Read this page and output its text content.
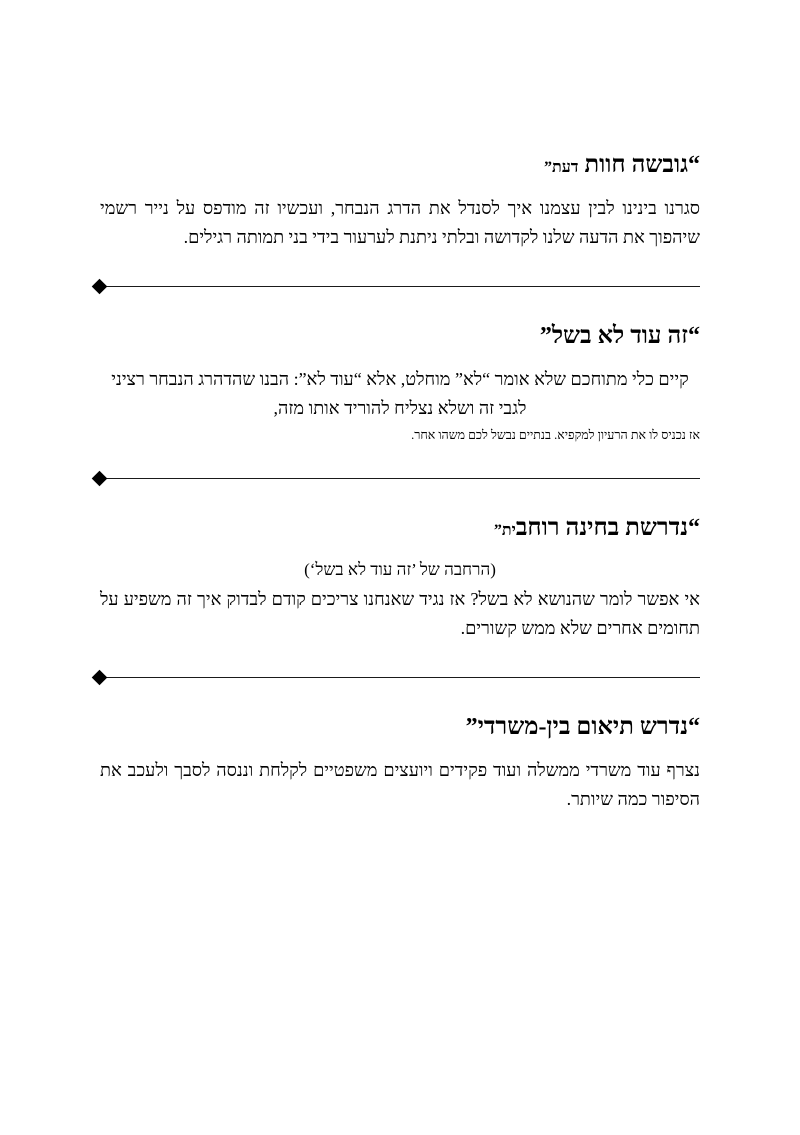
“גובשה חוות דעת”

סגרנו בינינו לבין עצמנו איך לסנדל את הדרג הנבחר, ועכשיו זה מודפס על נייר רשמי שיהפוך את הדעה שלנו לקדושה ובלתי ניתנת לערעור בידי בני תמותה רגילים.

“זה עוד לא בשל”

קיים כלי מתוחכם שלא אומר “לא” מוחלט, אלא “עוד לא”: הבנו שהדהרג הנבחר רציני לגבי זה ושלא נצליח להוריד אותו מזה,

אז נכניס לו את הרעיון למקפיא. בנתיים נבשל לכם משהו אחר.

“נדרשת בחינה רוחבית”

(הרחבה של ’זה עוד לא בשל‘)

אי אפשר לומר שהנושא לא בשל? אז נגיד שאנחנו צריכים קודם לבדוק איך זה משפיע על תחומים אחרים שלא ממש קשורים.

“נדרש תיאום בין-משרדי”

נצרף עוד משרדי ממשלה ועוד פקידים ויועצים משפטיים לקלחת וננסה לסבך ולעכב את הסיפור כמה שיותר.
